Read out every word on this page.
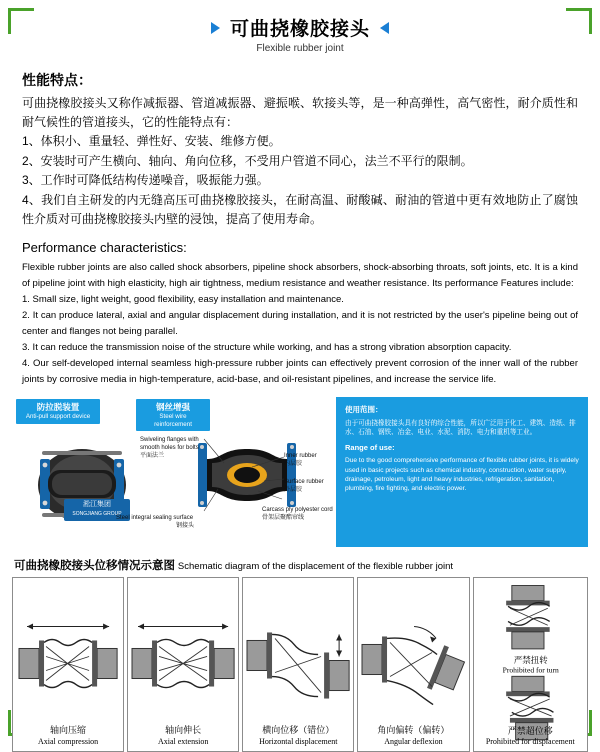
可曲挠橡胶接头
Flexible rubber joint
性能特点：

可曲挠橡胶接头又称作减振器、管道减振器、避振喉、软接头等，是一种高弹性，高气密性，耐介质性和耐气候性的管道接头，它的性能特点有：

1、体积小、重量轻、弹性好、安装、维修方便。

2、安装时可产生横向、轴向、角向位移，不受用户管道不同心，法兰不平行的限制。

3、工作时可降低结构传递噪音，吸振能力强。

4、我们自主研发的内无缝高压可曲挠橡胶接头，在耐高温、耐酸碱、耐油的管道中更有效地防止了腐蚀性介质对可曲挠橡胶接头内壁的浸蚀，提高了使用寿命。

Performance characteristics:

Flexible rubber joints are also called shock absorbers, pipeline shock absorbers, shock-absorbing throats, soft joints, etc. It is a kind of pipeline joint with high elasticity, high air tightness, medium resistance and weather resistance. Its performance Features include:

1. Small size, light weight, good flexibility, easy installation and maintenance.

2. It can produce lateral, axial and angular displacement during installation, and it is not restricted by the user's pipeline being out of center and flanges not being parallel.

3. It can reduce the transmission noise of the structure while working, and has a strong vibration absorption capacity.

4. Our self-developed internal seamless high-pressure rubber joints can effectively prevent corrosion of the inner wall of the rubber joints by corrosive media in high-temperature, acid-base, and oil-resistant pipelines, and increase the service life.

防拉脱装置
Anti-pull support device
钢丝增强
Steel wire reinforcement
淞江集团
SONGJIANG GROUP
Swiveling flanges with
smooth holes for bolts
平面法兰
Steel integral sealing surface
钢接头
Inner rubber
内层胶
Surface rubber
外层胶
Carcass ply polyester cord
骨架层聚酯帘线
使用范围：

由于可曲挠橡胶接头具有良好的综合性能，所以广泛用于化工、建筑、造纸、排水、石油、钢铁、冶金、电业、水泥、消防、电力和重机等工业。

Range of use:

Due to the good comprehensive performance of flexible rubber joints, it is widely used in basic projects such as chemical industry, construction, water supply, drainage, petroleum, light and heavy industries, refrigeration, sanitation, plumbing, fire fighting, and electric power.

可曲挠橡胶接头位移情况示意图 Schematic diagram of the displacement of the flexible rubber joint
轴向压缩
Axial compression
轴向伸长
Axial extension
横向位移（错位）
Horizontal displacement
角向偏转（偏转）
Angular deflexion
严禁扭转
Prohibited for turn
严禁超位移
Prohibited for displacement
